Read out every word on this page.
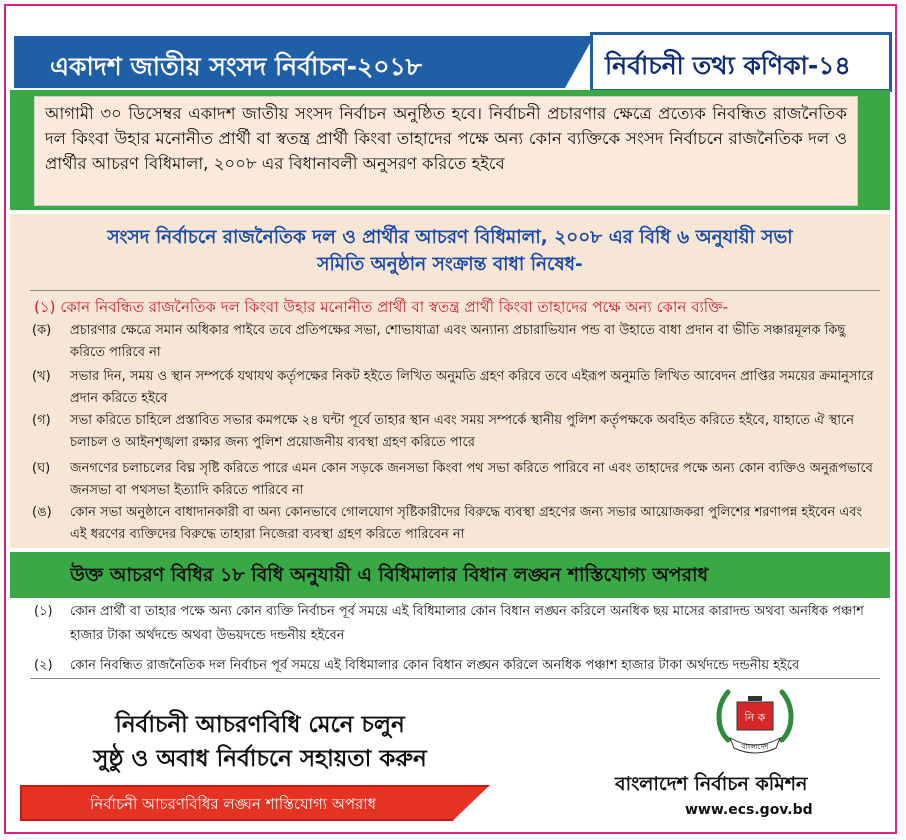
একাদশ জাতীয় সংসদ নির্বাচন-২০১৮	নির্বাচনী তথ্য কণিকা-১৪
আগামী ৩০ ডিসেম্বর একাদশ জাতীয় সংসদ নির্বাচন অনুষ্ঠিত হবে। নির্বাচনী প্রচারণার ক্ষেত্রে প্রত্যেক নিবন্ধিত রাজনৈতিক দল কিংবা উহার মনোনীত প্রার্থী বা স্বতন্ত্র প্রার্থী কিংবা তাহাদের পক্ষে অন্য কোন ব্যক্তিকে সংসদ নির্বাচনে রাজনৈতিক দল ও প্রার্থীর আচরণ বিধিমালা, ২০০৮ এর বিধানাবলী অনুসরণ করিতে হইবে
সংসদ নির্বাচনে রাজনৈতিক দল ও প্রার্থীর আচরণ বিধিমালা, ২০০৮ এর বিধি ৬ অনুযায়ী সভা
সমিতি অনুষ্ঠান সংক্রান্ত বাধা নিষেধ-
(১) কোন নিবন্ধিত রাজনৈতিক দল কিংবা উহার মনোনীত প্রার্থী বা স্বতন্ত্র প্রার্থী কিংবা তাহাদের পক্ষে অন্য কোন ব্যক্তি-
(ক) প্রচারণার ক্ষেত্রে সমান অধিকার পাইবে তবে প্রতিপক্ষের সভা, শোভাযাত্রা এবং অন্যান্য প্রচারাভিযান পন্ড বা উহাতে বাধা প্রদান বা ভীতি সঞ্চারমূলক কিছু করিতে পারিবে না
(খ) সভার দিন, সময় ও স্থান সম্পর্কে যথাযথ কর্তৃপক্ষের নিকট হইতে লিখিত অনুমতি গ্রহণ করিবে তবে এইরূপ অনুমতি লিখিত আবেদন প্রাপ্তির সময়ের ক্রমানুসারে প্রদান করিতে হইবে
(গ) সভা করিতে চাহিলে প্রস্তাবিত সভার কমপক্ষে ২৪ ঘন্টা পূর্বে তাহার স্থান এবং সময় সম্পর্কে স্থানীয় পুলিশ কর্তৃপক্ষকে অবহিত করিতে হইবে, যাহাতে ঐ স্থানে চলাচল ও আইনশৃঙ্খলা রক্ষার জন্য পুলিশ প্রয়োজনীয় ব্যবস্থা গ্রহণ করিতে পারে
(ঘ) জনগণের চলাচলের বিঘ্ন সৃষ্টি করিতে পারে এমন কোন সড়কে জনসভা কিংবা পথ সভা করিতে পারিবে না এবং তাহাদের পক্ষে অন্য কোন ব্যক্তিও অনুরূপভাবে জনসভা বা পথসভা ইত্যাদি করিতে পারিবে না
(ঙ) কোন সভা অনুষ্ঠানে বাধাদানকারী বা অন্য কোনভাবে গোলযোগ সৃষ্টিকারীদের বিরুদ্ধে ব্যবস্থা গ্রহণের জন্য সভার আয়োজকরা পুলিশের শরণাপন্ন হইবেন এবং এই ধরণের ব্যক্তিদের বিরুদ্ধে তাহারা নিজেরা ব্যবস্থা গ্রহণ করিতে পারিবেন না
উক্ত আচরণ বিধির ১৮ বিধি অনুযায়ী এ বিধিমালার বিধান লঙ্ঘন শাস্তিযোগ্য অপরাধ
(১) কোন প্রার্থী বা তাহার পক্ষে অন্য কোন ব্যক্তি নির্বাচন পূর্ব সময়ে এই বিধিমালার কোন বিধান লঙ্ঘন করিলে অনধিক ছয় মাসের কারাদন্ড অথবা অনধিক পঞ্চাশ হাজার টাকা অর্থদন্ডে অথবা উভয়দন্ডে দন্ডনীয় হইবেন
(২) কোন নিবন্ধিত রাজনৈতিক দল নির্বাচন পূর্ব সময়ে এই বিধিমালার কোন বিধান লঙ্ঘন করিলে অনধিক পঞ্চাশ হাজার টাকা অর্থদন্ডে দন্ডনীয় হইবে
নির্বাচনী আচরণবিধি মেনে চলুন
সুষ্ঠু ও অবাধ নির্বাচনে সহায়তা করুন
নির্বাচনী আচরণবিধির লঙ্ঘন শাস্তিযোগ্য অপরাধ
নি ক
বাংলাদেশ
বাংলাদেশ নির্বাচন কমিশন
www.ecs.gov.bd
